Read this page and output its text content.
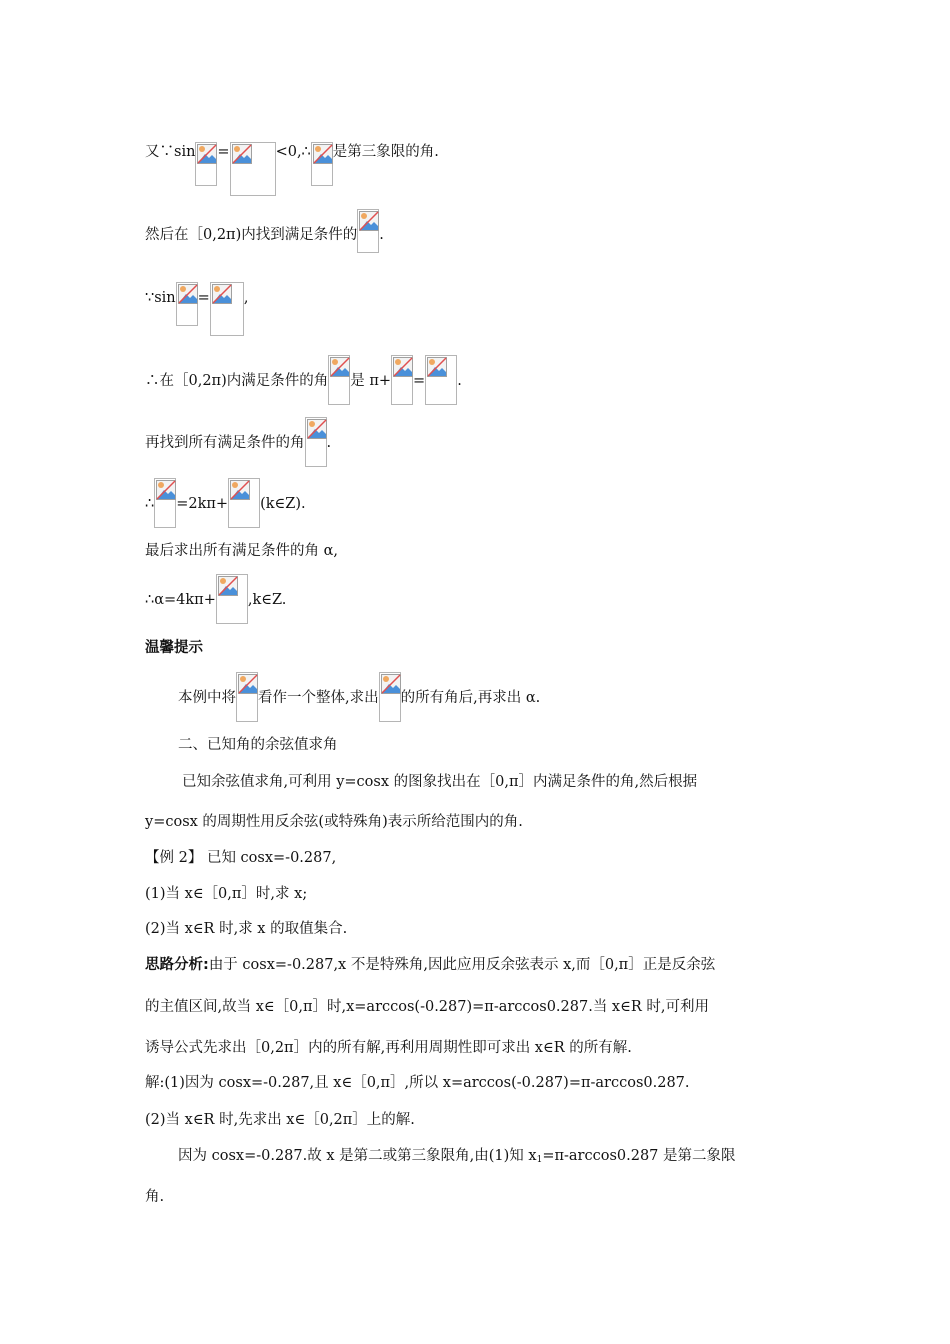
又∵sin =	<0,∴ 是第三象限的角.
然后在［0,2π)内找到满足条件的 .
∵sin = ,
∴在［0,2π)内满足条件的角 是 π+ = .
再找到所有满足条件的角 .
∴ =2kπ+ (k∈Z).
最后求出所有满足条件的角 α,
∴α=4kπ+ ,k∈Z.
温馨提示
本例中将 看作一个整体,求出 的所有角后,再求出 α.
二、已知角的余弦值求角
已知余弦值求角,可利用 y=cosx 的图象找出在［0,π］内满足条件的角,然后根据
y=cosx 的周期性用反余弦(或特殊角)表示所给范围内的角.
【例 2】 已知 cosx=-0.287,
(1)当 x∈［0,π］时,求 x;
(2)当 x∈R 时,求 x 的取值集合.
思路分析:由于 cosx=-0.287,x 不是特殊角,因此应用反余弦表示 x,而［0,π］正是反余弦
的主值区间,故当 x∈［0,π］时,x=arccos(-0.287)=π-arccos0.287.当 x∈R 时,可利用
诱导公式先求出［0,2π］内的所有解,再利用周期性即可求出 x∈R 的所有解.
解:(1)因为 cosx=-0.287,且 x∈［0,π］,所以 x=arccos(-0.287)=π-arccos0.287.
(2)当 x∈R 时,先求出 x∈［0,2π］上的解.
因为 cosx=-0.287.故 x 是第二或第三象限角,由(1)知 $x_1=\pi-\arccos 0.287$ 是第二象限
角.
